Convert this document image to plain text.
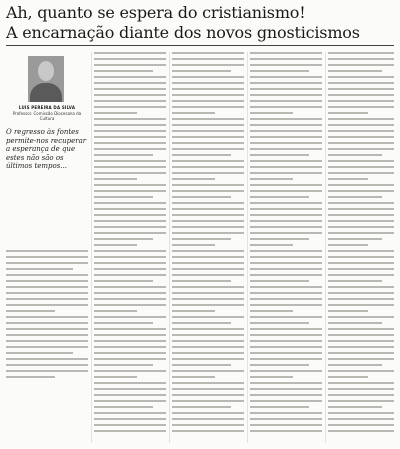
Ah, quanto se espera do cristianismo!
A encarnação diante dos novos gnosticismos
LUIS PEREIRA DA SILVA
Professor. Comissão Diocesana da Cultura
O regresso às fontes permite-nos recuperar a esperança de que estes não são os últimos tempos...
